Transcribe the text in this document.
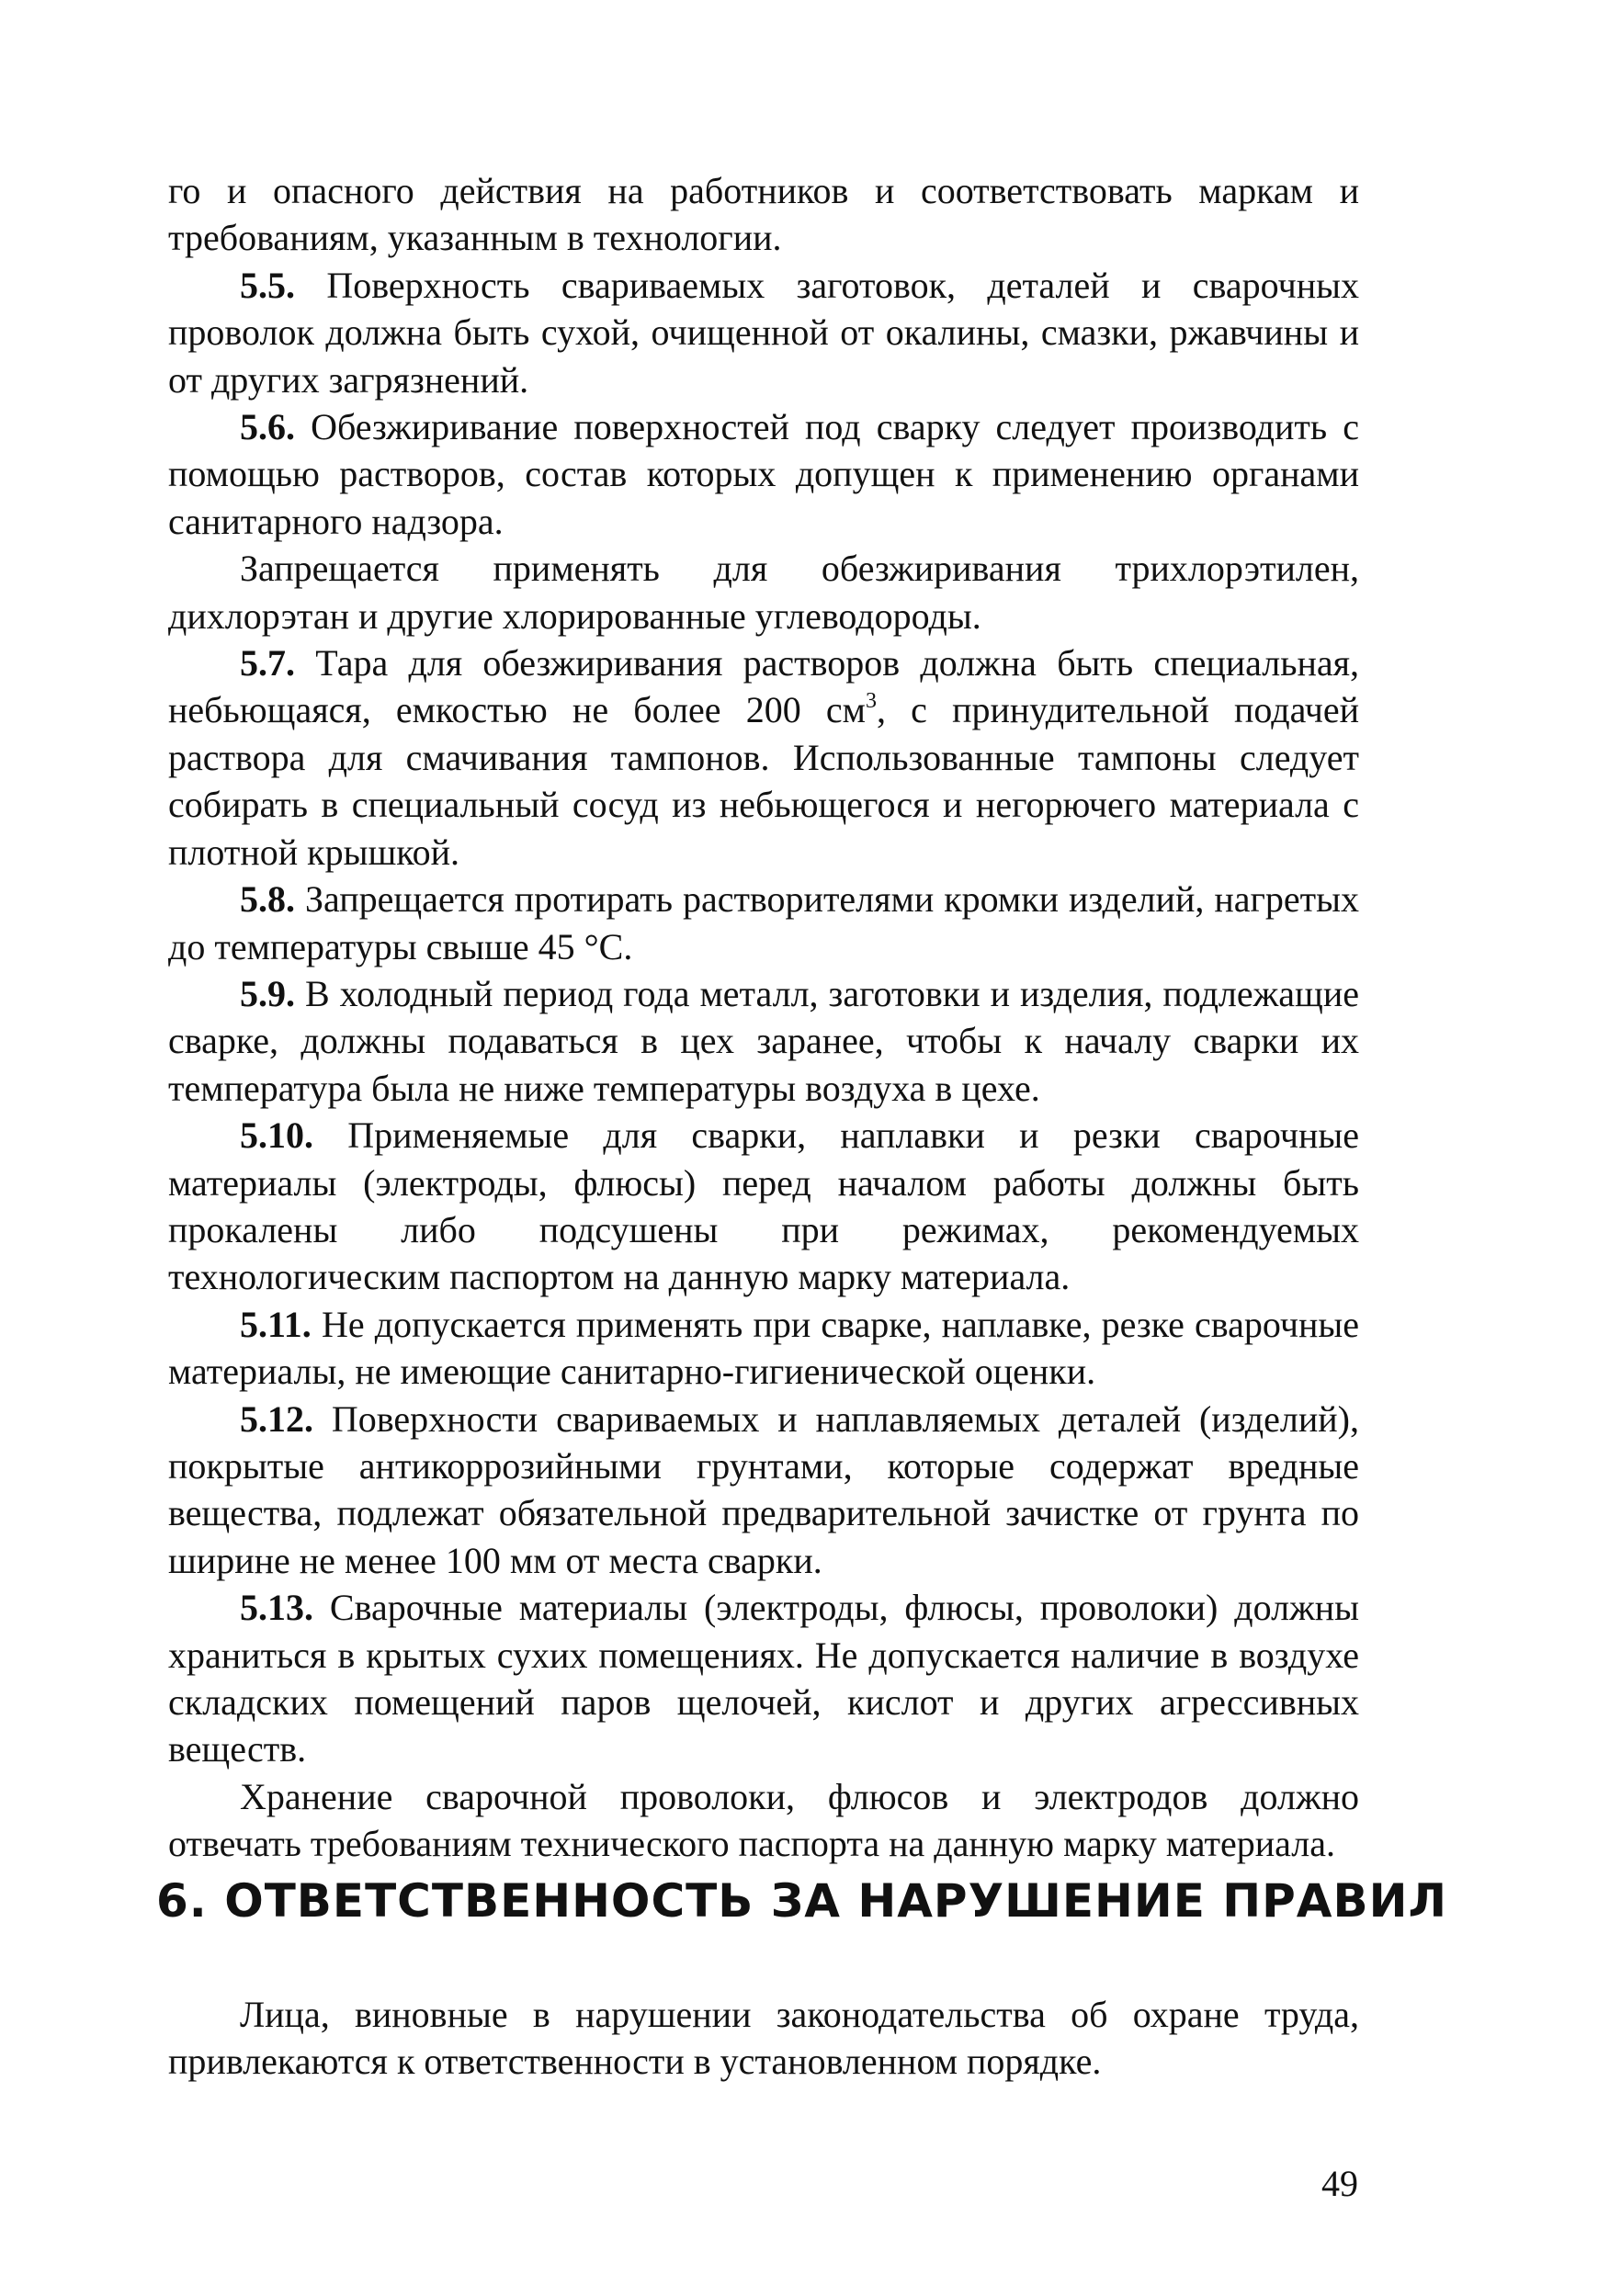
го и опасного действия на работников и соответствовать маркам и требованиям, указанным в технологии.

5.5. Поверхность свариваемых заготовок, деталей и сварочных проволок должна быть сухой, очищенной от окалины, смазки, ржавчины и от других загрязнений.

5.6. Обезжиривание поверхностей под сварку следует производить с помощью растворов, состав которых допущен к применению органами санитарного надзора.

Запрещается применять для обезжиривания трихлорэтилен, дихлорэтан и другие хлорированные углеводороды.

5.7. Тара для обезжиривания растворов должна быть специальная, небьющаяся, емкостью не более 200 $см^3$, с принудительной подачей раствора для смачивания тампонов. Использованные тампоны следует собирать в специальный сосуд из небьющегося и негорючего материала с плотной крышкой.

5.8. Запрещается протирать растворителями кромки изделий, нагретых до температуры свыше 45 °С.

5.9. В холодный период года металл, заготовки и изделия, подлежащие сварке, должны подаваться в цех заранее, чтобы к началу сварки их температура была не ниже температуры воздуха в цехе.

5.10. Применяемые для сварки, наплавки и резки сварочные материалы (электроды, флюсы) перед началом работы должны быть прокалены либо подсушены при режимах, рекомендуемых технологическим паспортом на данную марку материала.

5.11. Не допускается применять при сварке, наплавке, резке сварочные материалы, не имеющие санитарно-гигиенической оценки.

5.12. Поверхности свариваемых и наплавляемых деталей (изделий), покрытые антикоррозийными грунтами, которые содержат вредные вещества, подлежат обязательной предварительной зачистке от грунта по ширине не менее 100 мм от места сварки.

5.13. Сварочные материалы (электроды, флюсы, проволоки) должны храниться в крытых сухих помещениях. Не допускается наличие в воздухе складских помещений паров щелочей, кислот и других агрессивных веществ.

Хранение сварочной проволоки, флюсов и электродов должно отвечать требованиям технического паспорта на данную марку материала.

6. ОТВЕТСТВЕННОСТЬ ЗА НАРУШЕНИЕ ПРАВИЛ

Лица, виновные в нарушении законодательства об охране труда, привлекаются к ответственности в установленном порядке.

49
